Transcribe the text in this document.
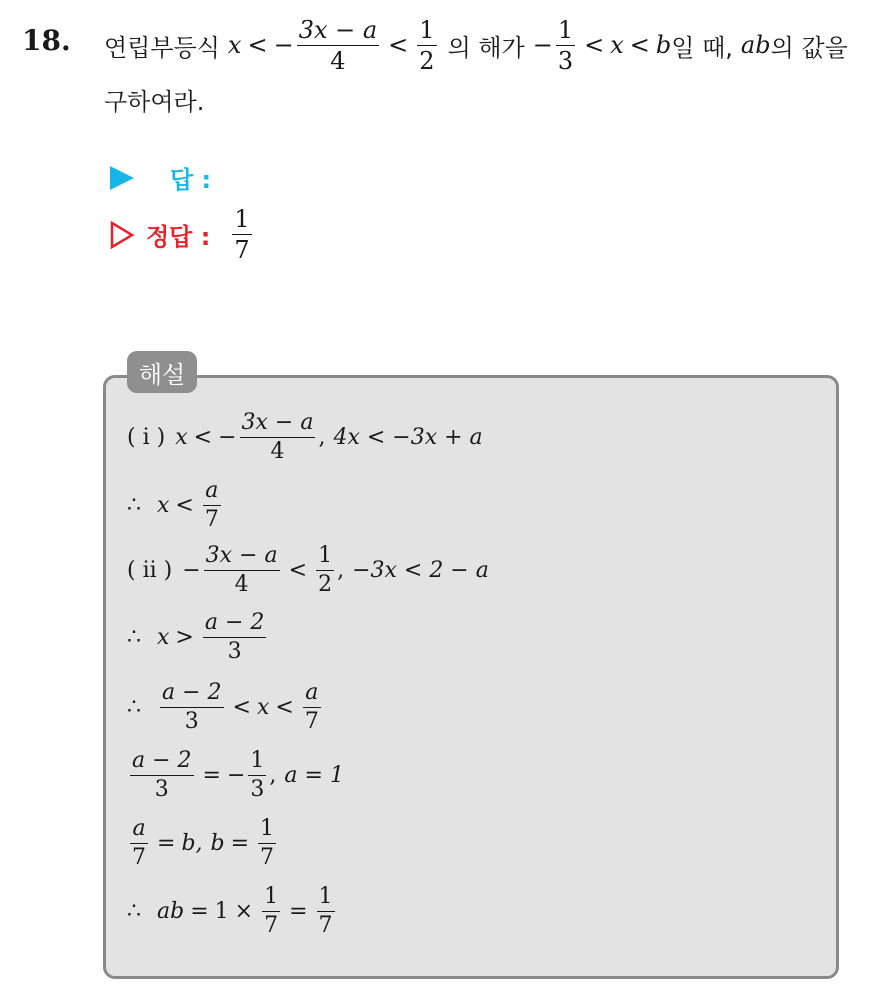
18. 연립부등식 x < − $\frac{3x - a}{4} < \frac{1}{2}$ 의 해가 − $\frac{1}{3} < x < b$ 일 때, ab 의 값을
구하여라.
답 :
정답 : $\frac{1}{7}$
해설
( i ) x < − $\frac{3x - a}{4}$ , 4x < −3x + a
∴ $x < \frac{a}{7}$
( ii ) − $\frac{3x - a}{4} < \frac{1}{2}$ , −3x < 2 − a
∴ $x > \frac{a - 2}{3}$
∴ $\frac{a - 2}{3} < x < \frac{a}{7}$
$\frac{a - 2}{3}$ = − $\frac{1}{3}$ , a = 1
$\frac{a}{7} = b$, $b = \frac{1}{7}$
∴ ab = $1 \times \frac{1}{7} = \frac{1}{7}$
